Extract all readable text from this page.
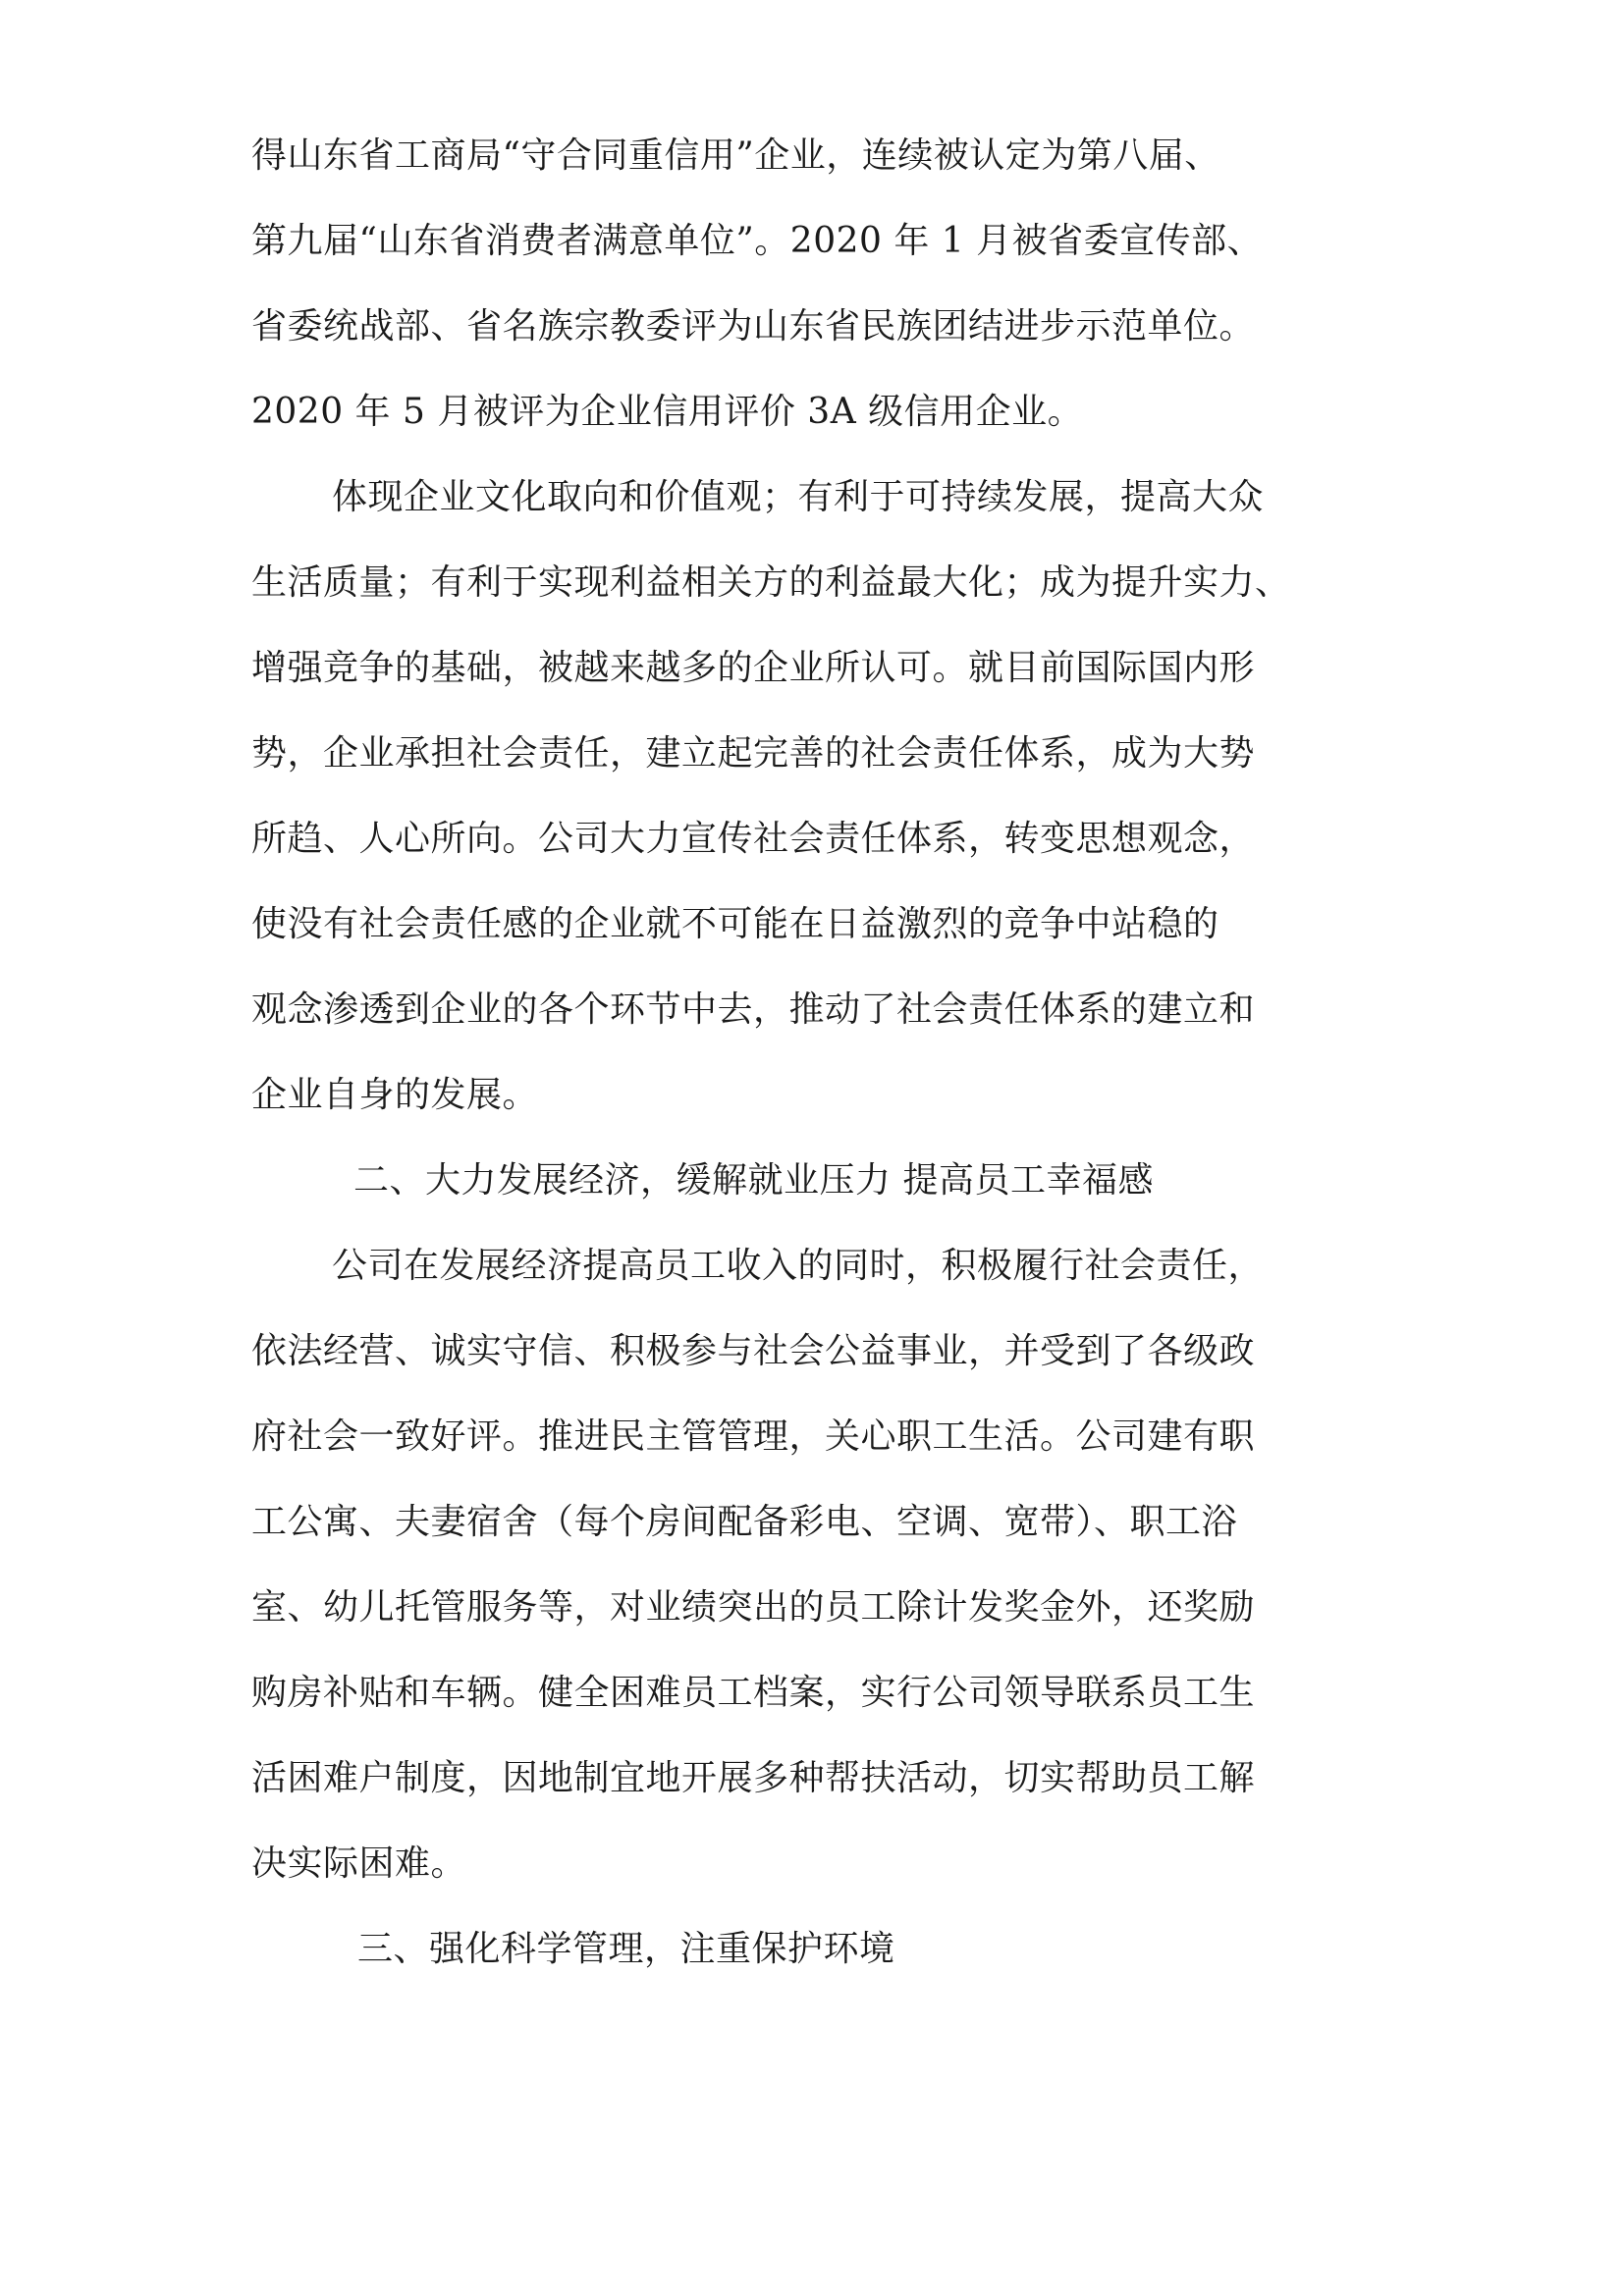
得山东省工商局“守合同重信用”企业，连续被认定为第八届、
第九届“山东省消费者满意单位”。2020 年 1 月被省委宣传部、
省委统战部、省名族宗教委评为山东省民族团结进步示范单位。
2020 年 5 月被评为企业信用评价 3A 级信用企业。
体现企业文化取向和价值观；有利于可持续发展，提高大众
生活质量；有利于实现利益相关方的利益最大化；成为提升实力、
增强竞争的基础，被越来越多的企业所认可。就目前国际国内形
势，企业承担社会责任，建立起完善的社会责任体系，成为大势
所趋、人心所向。公司大力宣传社会责任体系，转变思想观念，
使没有社会责任感的企业就不可能在日益激烈的竞争中站稳的
观念渗透到企业的各个环节中去，推动了社会责任体系的建立和
企业自身的发展。
二、大力发展经济，缓解就业压力 提高员工幸福感
公司在发展经济提高员工收入的同时，积极履行社会责任，
依法经营、诚实守信、积极参与社会公益事业，并受到了各级政
府社会一致好评。推进民主管管理，关心职工生活。公司建有职
工公寓、夫妻宿舍（每个房间配备彩电、空调、宽带）、职工浴
室、幼儿托管服务等，对业绩突出的员工除计发奖金外，还奖励
购房补贴和车辆。健全困难员工档案，实行公司领导联系员工生
活困难户制度，因地制宜地开展多种帮扶活动，切实帮助员工解
决实际困难。
三、强化科学管理，注重保护环境
